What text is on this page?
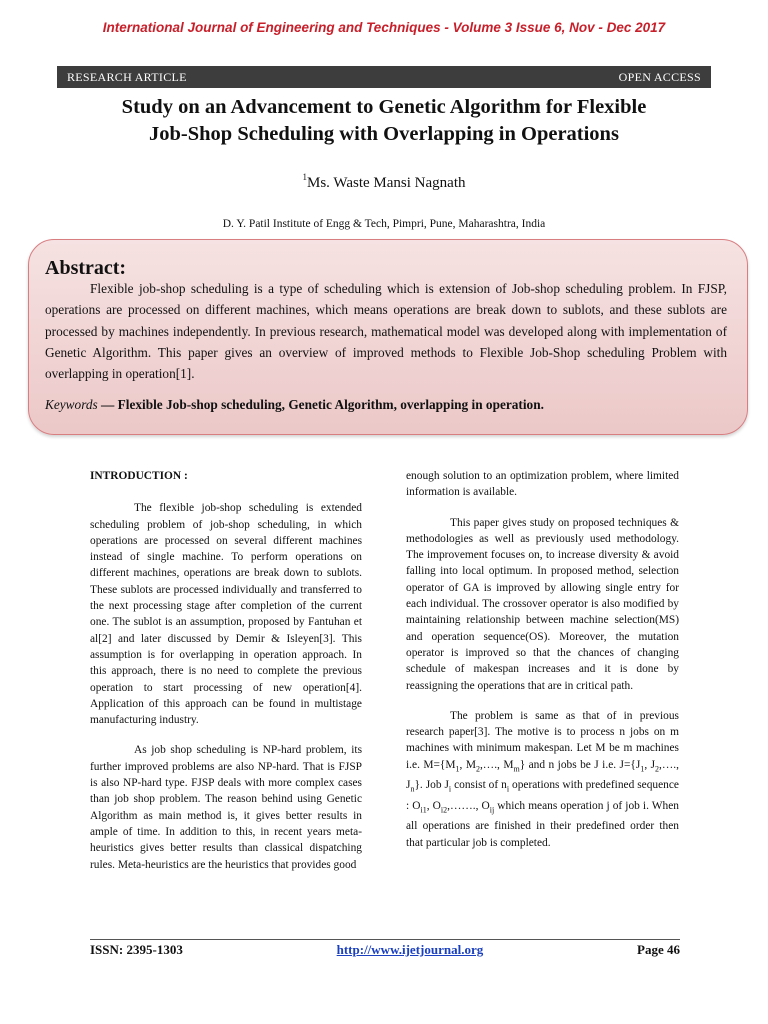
International Journal of Engineering and Techniques - Volume 3 Issue 6, Nov - Dec 2017
RESEARCH ARTICLE	OPEN ACCESS
Study on an Advancement to Genetic Algorithm for Flexible
Job-Shop Scheduling with Overlapping in Operations
$^1$Ms. Waste Mansi Nagnath
D. Y. Patil Institute of Engg & Tech, Pimpri, Pune, Maharashtra, India
Abstract:
Flexible job-shop scheduling is a type of scheduling which is extension of Job-shop scheduling problem. In FJSP, operations are processed on different machines, which means operations are break down to sublots, and these sublots are processed by machines independently. In previous research, mathematical model was developed along with implementation of Genetic Algorithm. This paper gives an overview of improved methods to Flexible Job-Shop scheduling Problem with overlapping in operation[1].
Keywords — Flexible Job-shop scheduling, Genetic Algorithm, overlapping in operation.
INTRODUCTION :

The flexible job-shop scheduling is extended scheduling problem of job-shop scheduling, in which operations are processed on several different machines instead of single machine. To perform operations on different machines, operations are break down to sublots. These sublots are processed individually and transferred to the next processing stage after completion of the current one. The sublot is an assumption, proposed by Fantuhan et al[2] and later discussed by Demir & Isleyen[3]. This assumption is for overlapping in operation approach. In this approach, there is no need to complete the previous operation to start processing of new operation[4]. Application of this approach can be found in multistage manufacturing industry.

As job shop scheduling is NP-hard problem, its further improved problems are also NP-hard. That is FJSP is also NP-hard type. FJSP deals with more complex cases than job shop problem. The reason behind using Genetic Algorithm as main method is, it gives better results in ample of time. In addition to this, in recent years meta-heuristics gives better results than classical dispatching rules. Meta-heuristics are the heuristics that provides good

enough solution to an optimization problem, where limited information is available.

This paper gives study on proposed techniques & methodologies as well as previously used methodology. The improvement focuses on, to increase diversity & avoid falling into local optimum. In proposed method, selection operator of GA is improved by allowing single entry for each individual. The crossover operator is also modified by maintaining relationship between machine selection(MS) and operation sequence(OS). Moreover, the mutation operator is improved so that the chances of changing schedule of makespan increases and it is done by reassigning the operations that are in critical path.

The problem is same as that of in previous research paper[3]. The motive is to process n jobs on m machines with minimum makespan. Let M be m machines i.e. $M=\{M_1$, $M_2,\dots$., $M_m$} and n jobs be J i.e. $J=\{J_1$, $J_2,\dots$., $J_n$}. Job $J_i$ consist of $n_i$ operations with predefined sequence : $O_{i1}$, $O_{i2},\dots\dots$., $O_{ij}$ which means operation j of job i. When all operations are finished in their predefined order then that particular job is completed.

ISSN: 2395-1303	http://www.ijetjournal.org	Page 46
